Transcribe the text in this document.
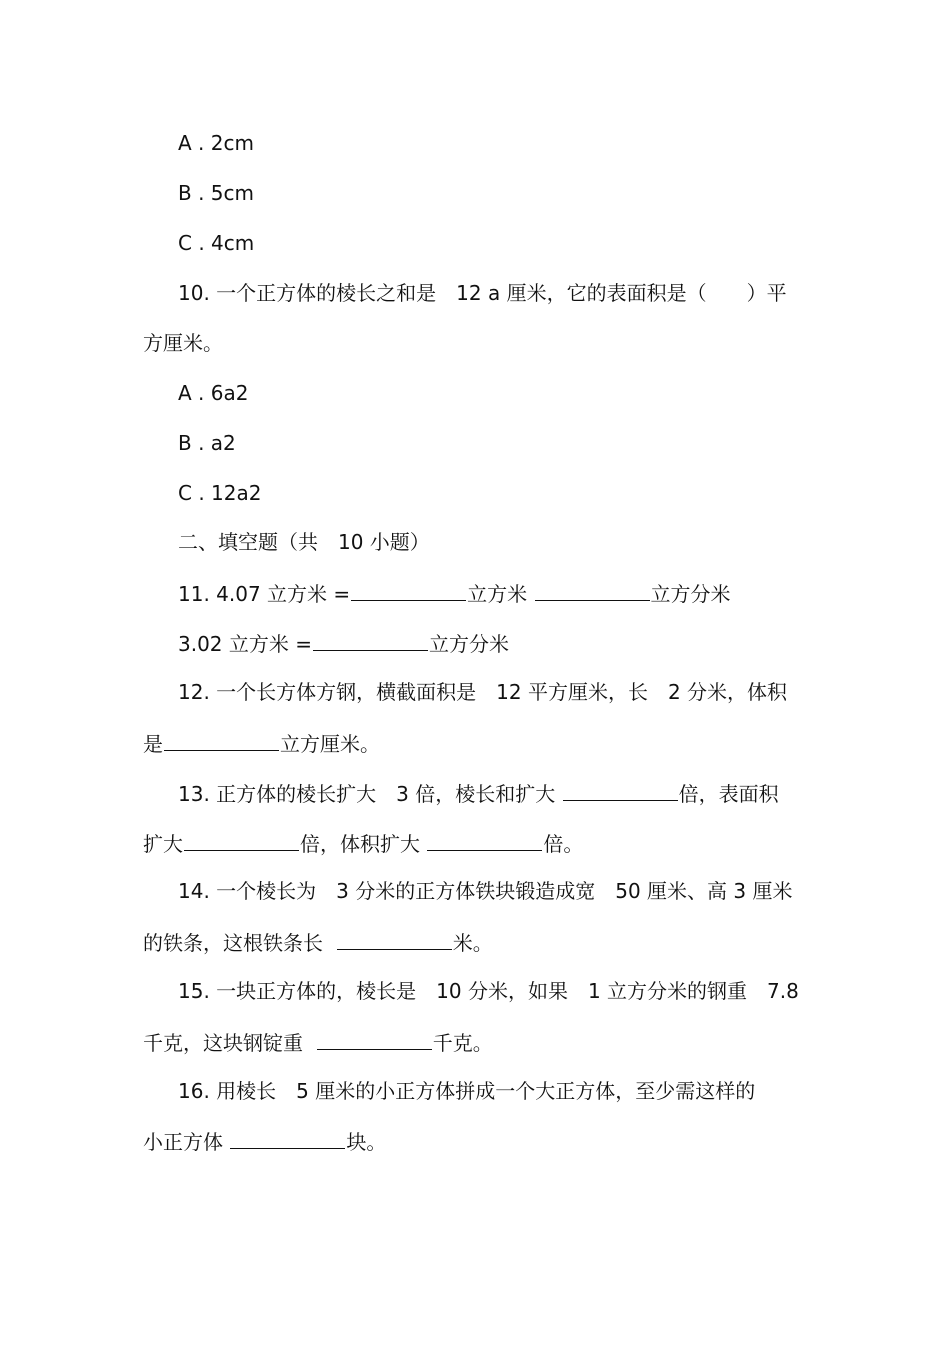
A . 2cm
B . 5cm
C . 4cm
10. 一个正方体的棱长之和是　12 a 厘米，它的表面积是（　　）平
方厘米。
A . 6a2
B . a2
C . 12a2
二、填空题（共　10 小题）
11. 4.07 立方米 =	立方米	立方分米
3.02 立方米 =	立方分米
12. 一个长方体方钢，横截面积是　12 平方厘米，长　2 分米，体积
是	立方厘米。
13. 正方体的棱长扩大　3 倍，棱长和扩大	倍，表面积
扩大	倍，体积扩大	倍。
14. 一个棱长为　3 分米的正方体铁块锻造成宽　50 厘米、高 3 厘米
的铁条，这根铁条长	米。
15. 一块正方体的，棱长是　10 分米，如果　1 立方分米的钢重　7.8
千克，这块钢锭重	千克。
16. 用棱长　5 厘米的小正方体拼成一个大正方体，至少需这样的
小正方体	块。
